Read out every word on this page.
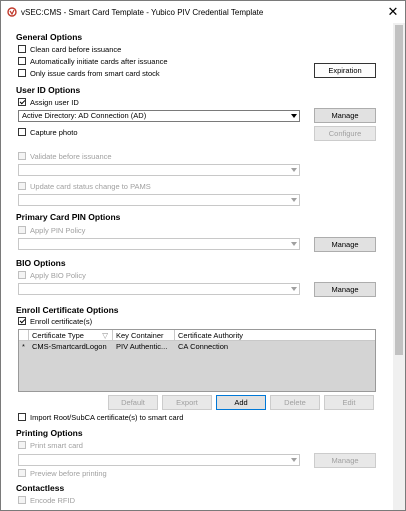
vSEC:CMS - Smart Card Template - Yubico PIV Credential Template	✕
General Options
Clean card before issuance
Automatically initiate cards after issuance
Only issue cards from smart card stock	Expiration
User ID Options
Assign user ID
Active Directory: AD Connection (AD)	Manage
Capture photo	Configure
Validate before issuance
Update card status change to PAMS
Primary Card PIN Options
Apply PIN Policy
Manage
BIO Options
Apply BIO Policy
Manage
Enroll Certificate Options
Enroll certificate(s)
Certificate Type ▽	Key Container	Certificate Authority
* CMS-SmartcardLogon	PIV Authentic...	CA Connection
Default	Export	Add	Delete	Edit
Import Root/SubCA certificate(s) to smart card
Printing Options
Print smart card
Manage
Preview before printing
Contactless
Encode RFID
